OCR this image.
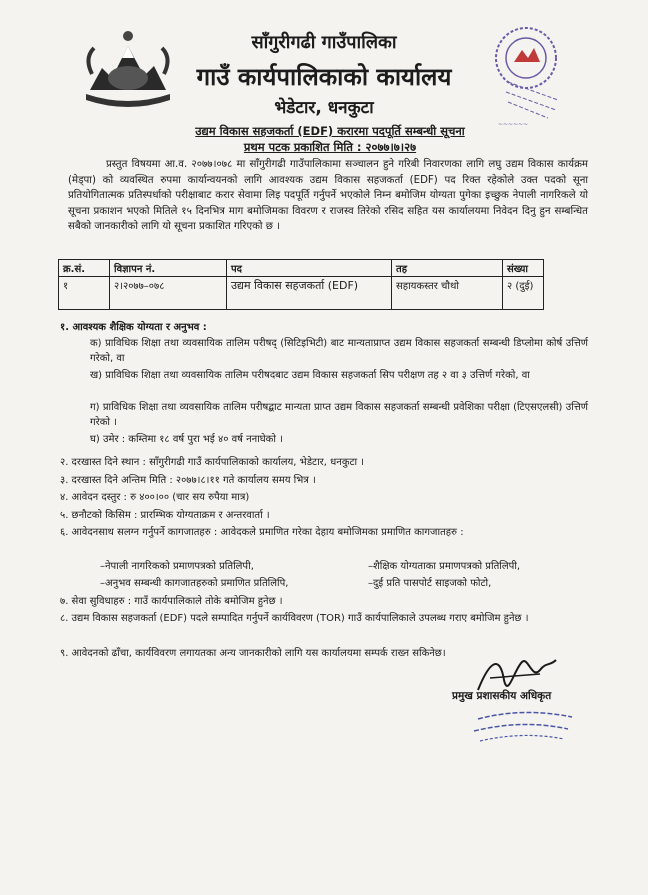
~~~~~~
साँगुरीगढी गाउँपालिका
गाउँ कार्यपालिकाको कार्यालय
भेडेटार, धनकुटा
उद्यम विकास सहजकर्ता (EDF) करारमा पदपूर्ति सम्बन्धी सूचना
प्रथम पटक प्रकाशित मिति : २०७७।७।२७
प्रस्तुत विषयमा आ.व. २०७७।०७८ मा साँगुरीगढी गाउँपालिकामा सञ्चालन हुने गरिबी निवारणका लागि लघु उद्यम विकास कार्यक्रम (मेड्पा) को व्यवस्थित रुपमा कार्यान्वयनको लागि आवश्यक उद्यम विकास सहजकर्ता (EDF) पद रिक्त रहेकोले उक्त पदको सूना प्रतियोगितात्मक प्रतिस्पर्धाको परीक्षाबाट करार सेवामा लिइ पदपूर्ति गर्नुपर्ने भएकोले निम्न बमोजिम योग्यता पुगेका इच्छुक नेपाली नागरिकले यो सूचना प्रकाशन भएको मितिले १५ दिनभित्र माग बमोजिमका विवरण र राजस्व तिरेको रसिद सहित यस कार्यालयमा निवेदन दिनु हुन सम्बन्धित सबैको जानकारीको लागि यो सूचना प्रकाशित गरिएको छ ।
क्र.सं.	विज्ञापन नं.	पद	तह	संख्या
१	२।२०७७–०७८	उद्यम विकास सहजकर्ता (EDF)	सहायकस्तर चौथो	२ (दुई)
१. आवश्यक शैक्षिक योग्यता र अनुभव :
क) प्राविधिक शिक्षा तथा व्यवसायिक तालिम परीषद् (सिटिइभिटी) बाट मान्यताप्राप्त उद्यम विकास सहजकर्ता सम्बन्धी डिप्लोमा कोर्ष उत्तिर्ण गरेको, वा
ख) प्राविधिक शिक्षा तथा व्यवसायिक तालिम परीषदबाट उद्यम विकास सहजकर्ता सिप परीक्षण तह २ वा ३ उत्तिर्ण गरेको, वा
ग) प्राविधिक शिक्षा तथा व्यवसायिक तालिम परीषद्बाट मान्यता प्राप्त उद्यम विकास सहजकर्ता सम्बन्धी प्रवेशिका परीक्षा (टिएसएलसी) उत्तिर्ण गरेको ।
घ) उमेर : कम्तिमा १८ वर्ष पुरा भई ४० वर्ष ननाघेको ।
२. दरखास्त दिने स्थान : साँगुरीगढी गाउँ कार्यपालिकाको कार्यालय, भेडेटार, धनकुटा ।
३. दरखास्त दिने अन्तिम मिति : २०७७।८।११ गते कार्यालय समय भित्र ।
४. आवेदन दस्तुर : रु ४००।०० (चार सय रुपैया मात्र)
५. छनौटको किसिम : प्रारम्भिक योग्यताक्रम र अन्तरवार्ता ।
६. आवेदनसाथ सलग्न गर्नुपर्ने कागजातहरु : आवेदकले प्रमाणित गरेका देहाय बमोजिमका प्रमाणित कागजातहरु :
–नेपाली नागरिकको प्रमाणपत्रको प्रतिलिपी,	–शैक्षिक योग्यताका प्रमाणपत्रको प्रतिलिपी,
–अनुभव सम्बन्धी कागजातहरुको प्रमाणित प्रतिलिपि,	–दुई प्रति पासपोर्ट साइजको फोटो,
७. सेवा सुविधाहरु : गाउँ कार्यपालिकाले तोके बमोजिम हुनेछ ।
८. उद्यम विकास सहजकर्ता (EDF) पदले सम्पादित गर्नुपर्ने कार्यविवरण (TOR) गाउँ कार्यपालिकाले उपलब्ध गराए बमोजिम हुनेछ ।
९. आवेदनको ढाँचा, कार्यविवरण लगायतका अन्य जानकारीको लागि यस कार्यालयमा सम्पर्क राख्न सकिनेछ।
प्रमुख प्रशासकीय अधिकृत
